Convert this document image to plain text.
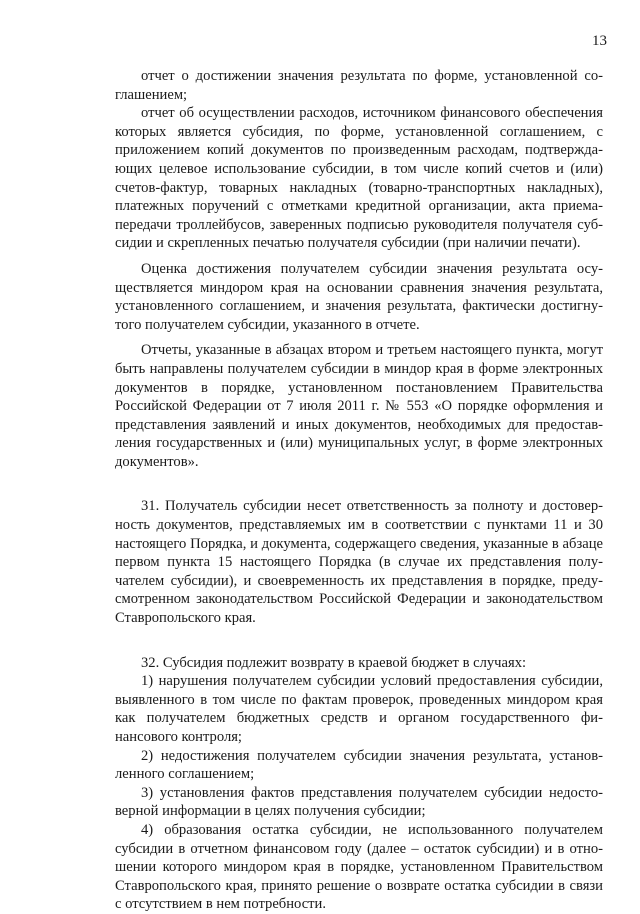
13

отчет о достижении значения результата по форме, установленной соглашением;

отчет об осуществлении расходов, источником финансового обеспечения которых является субсидия, по форме, установленной соглашением, с приложением копий документов по произведенным расходам, подтверждающих целевое использование субсидии, в том числе копий счетов и (или) счетов-фактур, товарных накладных (товарно-транспортных накладных), платежных поручений с отметками кредитной организации, акта приема-передачи троллейбусов, заверенных подписью руководителя получателя субсидии и скрепленных печатью получателя субсидии (при наличии печати).

Оценка достижения получателем субсидии значения результата осуществляется миндором края на основании сравнения значения результата, установленного соглашением, и значения результата, фактически достигнутого получателем субсидии, указанного в отчете.

Отчеты, указанные в абзацах втором и третьем настоящего пункта, могут быть направлены получателем субсидии в миндор края в форме электронных документов в порядке, установленном постановлением Правительства Российской Федерации от 7 июля 2011 г. № 553 «О порядке оформления и представления заявлений и иных документов, необходимых для предоставления государственных и (или) муниципальных услуг, в форме электронных документов».

31. Получатель субсидии несет ответственность за полноту и достоверность документов, представляемых им в соответствии с пунктами 11 и 30 настоящего Порядка, и документа, содержащего сведения, указанные в абзаце первом пункта 15 настоящего Порядка (в случае их представления получателем субсидии), и своевременность их представления в порядке, предусмотренном законодательством Российской Федерации и законодательством Ставропольского края.

32. Субсидия подлежит возврату в краевой бюджет в случаях:

1) нарушения получателем субсидии условий предоставления субсидии, выявленного в том числе по фактам проверок, проведенных миндором края как получателем бюджетных средств и органом государственного финансового контроля;

2) недостижения получателем субсидии значения результата, установленного соглашением;

3) установления фактов представления получателем субсидии недостоверной информации в целях получения субсидии;

4) образования остатка субсидии, не использованного получателем субсидии в отчетном финансовом году (далее – остаток субсидии) и в отношении которого миндором края в порядке, установленном Правительством Ставропольского края, принято решение о возврате остатка субсидии в связи с отсутствием в нем потребности.
